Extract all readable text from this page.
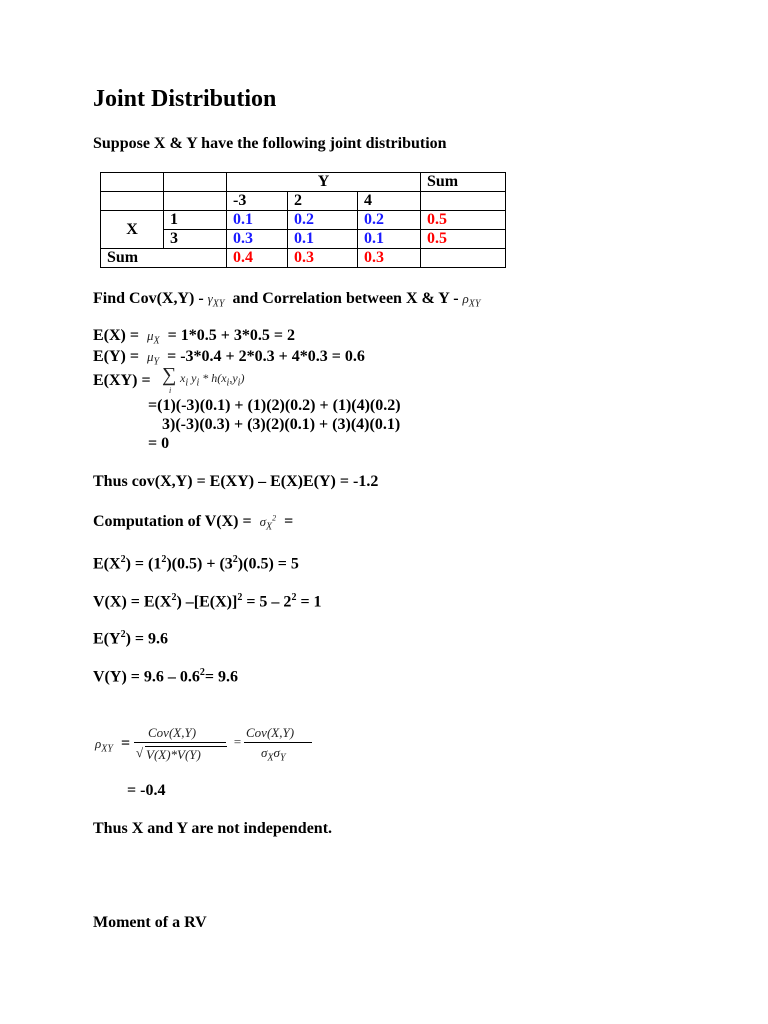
Joint Distribution
Suppose X & Y have the following joint distribution
		Y			Sum
		-3	2	4	
X	1	0.1	0.2	0.2	0.5
	3	0.3	0.1	0.1	0.5
Sum		0.4	0.3	0.3	
Find $Cov(X,Y) - \gamma_{XY}$ and Correlation between X & Y - $\rho_{XY}$
$E(X) = \mu_X = 1*0.5 + 3*0.5 = 2$
$E(Y) = \mu_Y = -3*0.4 + 2*0.3 + 4*0.3 = 0.6$
E(XY) = ∑
i
$x_i$ $y_i * h(x_i,y_i)$
=(1)(-3)(0.1) + (1)(2)(0.2) + (1)(4)(0.2)
3)(-3)(0.3) + (3)(2)(0.1) + (3)(4)(0.1)
= 0
Thus cov(X,Y) = E(XY) – E(X)E(Y) = -1.2
Computation of $V(X) = \sigma_X^2$ =
$E(X^2) = (1^2)(0.5) + (3^2)(0.5) = 5$
$V(X) = E(X^2) -[E(X)]^2 = 5 - 2^2 = 1$
$E(Y^2) = 9.6$
$V(Y) = 9.6 - 0.6^2= 9.6$
$\rho_{XY}$ =
Cov(X,Y)
√ V(X)*V(Y)
=
Cov(X,Y)
$\sigma_X\sigma_Y$
= -0.4
Thus X and Y are not independent.
Moment of a RV
